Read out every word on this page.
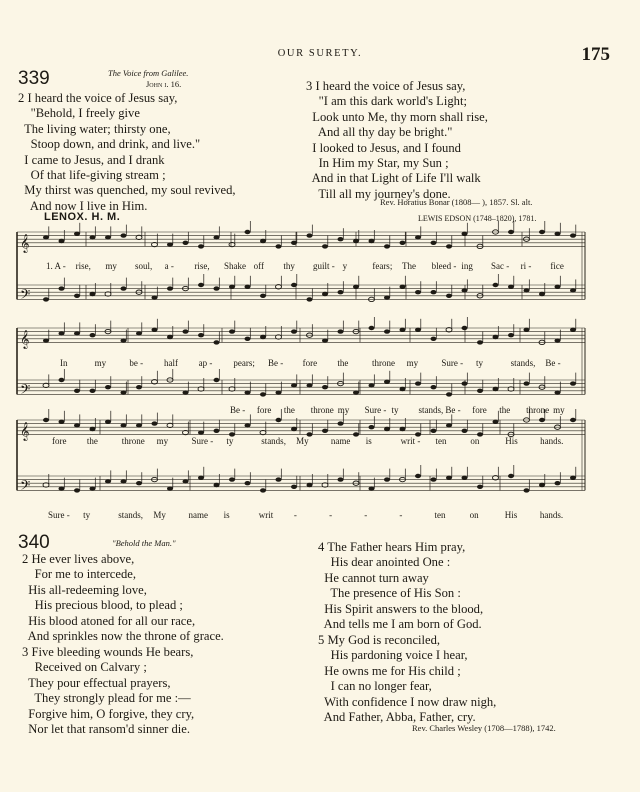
OUR SURETY.	175
339	The Voice from Galilee.
John i. 16.
2 I heard the voice of Jesus say,
"Behold, I freely give
The living water; thirsty one,
Stoop down, and drink, and live."
I came to Jesus, and I drank
Of that life-giving stream ;
My thirst was quenched, my soul revived,
And now I live in Him.
3 I heard the voice of Jesus say,
"I am this dark world's Light;
Look unto Me, thy morn shall rise,
And all thy day be bright."
I looked to Jesus, and I found
In Him my Star, my Sun ;
And in that Light of Life I'll walk
Till all my journey's done.
Rev. Horatius Bonar (1808— ), 1857. Sl. alt.
LENOX. H. M.	LEWIS EDSON (1748–1820), 1781.
𝄞
𝄢
𝄞
𝄢
𝄞
𝄢
1. A - rise, my soul, a - rise, Shake off thy guilt - y	fears; The bleed - ing Sac - ri - fice
In	my	be - half ap - pears; Be - fore the	throne my	Sure - ty	stands, Be -
Be - fore the throne my Sure - ty stands, Be - fore the throne my
fore the	throne my	Sure - ty	stands, My name is	writ - ten	on	His hands.
Sure - ty	stands, My	name is	writ -	-	-	-	ten	on	His	hands.
340	"Behold the Man."
2 He ever lives above,
For me to intercede,
His all-redeeming love,
His precious blood, to plead ;
His blood atoned for all our race,
And sprinkles now the throne of grace.
3 Five bleeding wounds He bears,
Received on Calvary ;
They pour effectual prayers,
They strongly plead for me :—
Forgive him, O forgive, they cry,
Nor let that ransom'd sinner die.
4 The Father hears Him pray,
His dear anointed One :
He cannot turn away
The presence of His Son :
His Spirit answers to the blood,
And tells me I am born of God.
5 My God is reconciled,
His pardoning voice I hear,
He owns me for His child ;
I can no longer fear,
With confidence I now draw nigh,
And Father, Abba, Father, cry.
Rev. Charles Wesley (1708—1788), 1742.
